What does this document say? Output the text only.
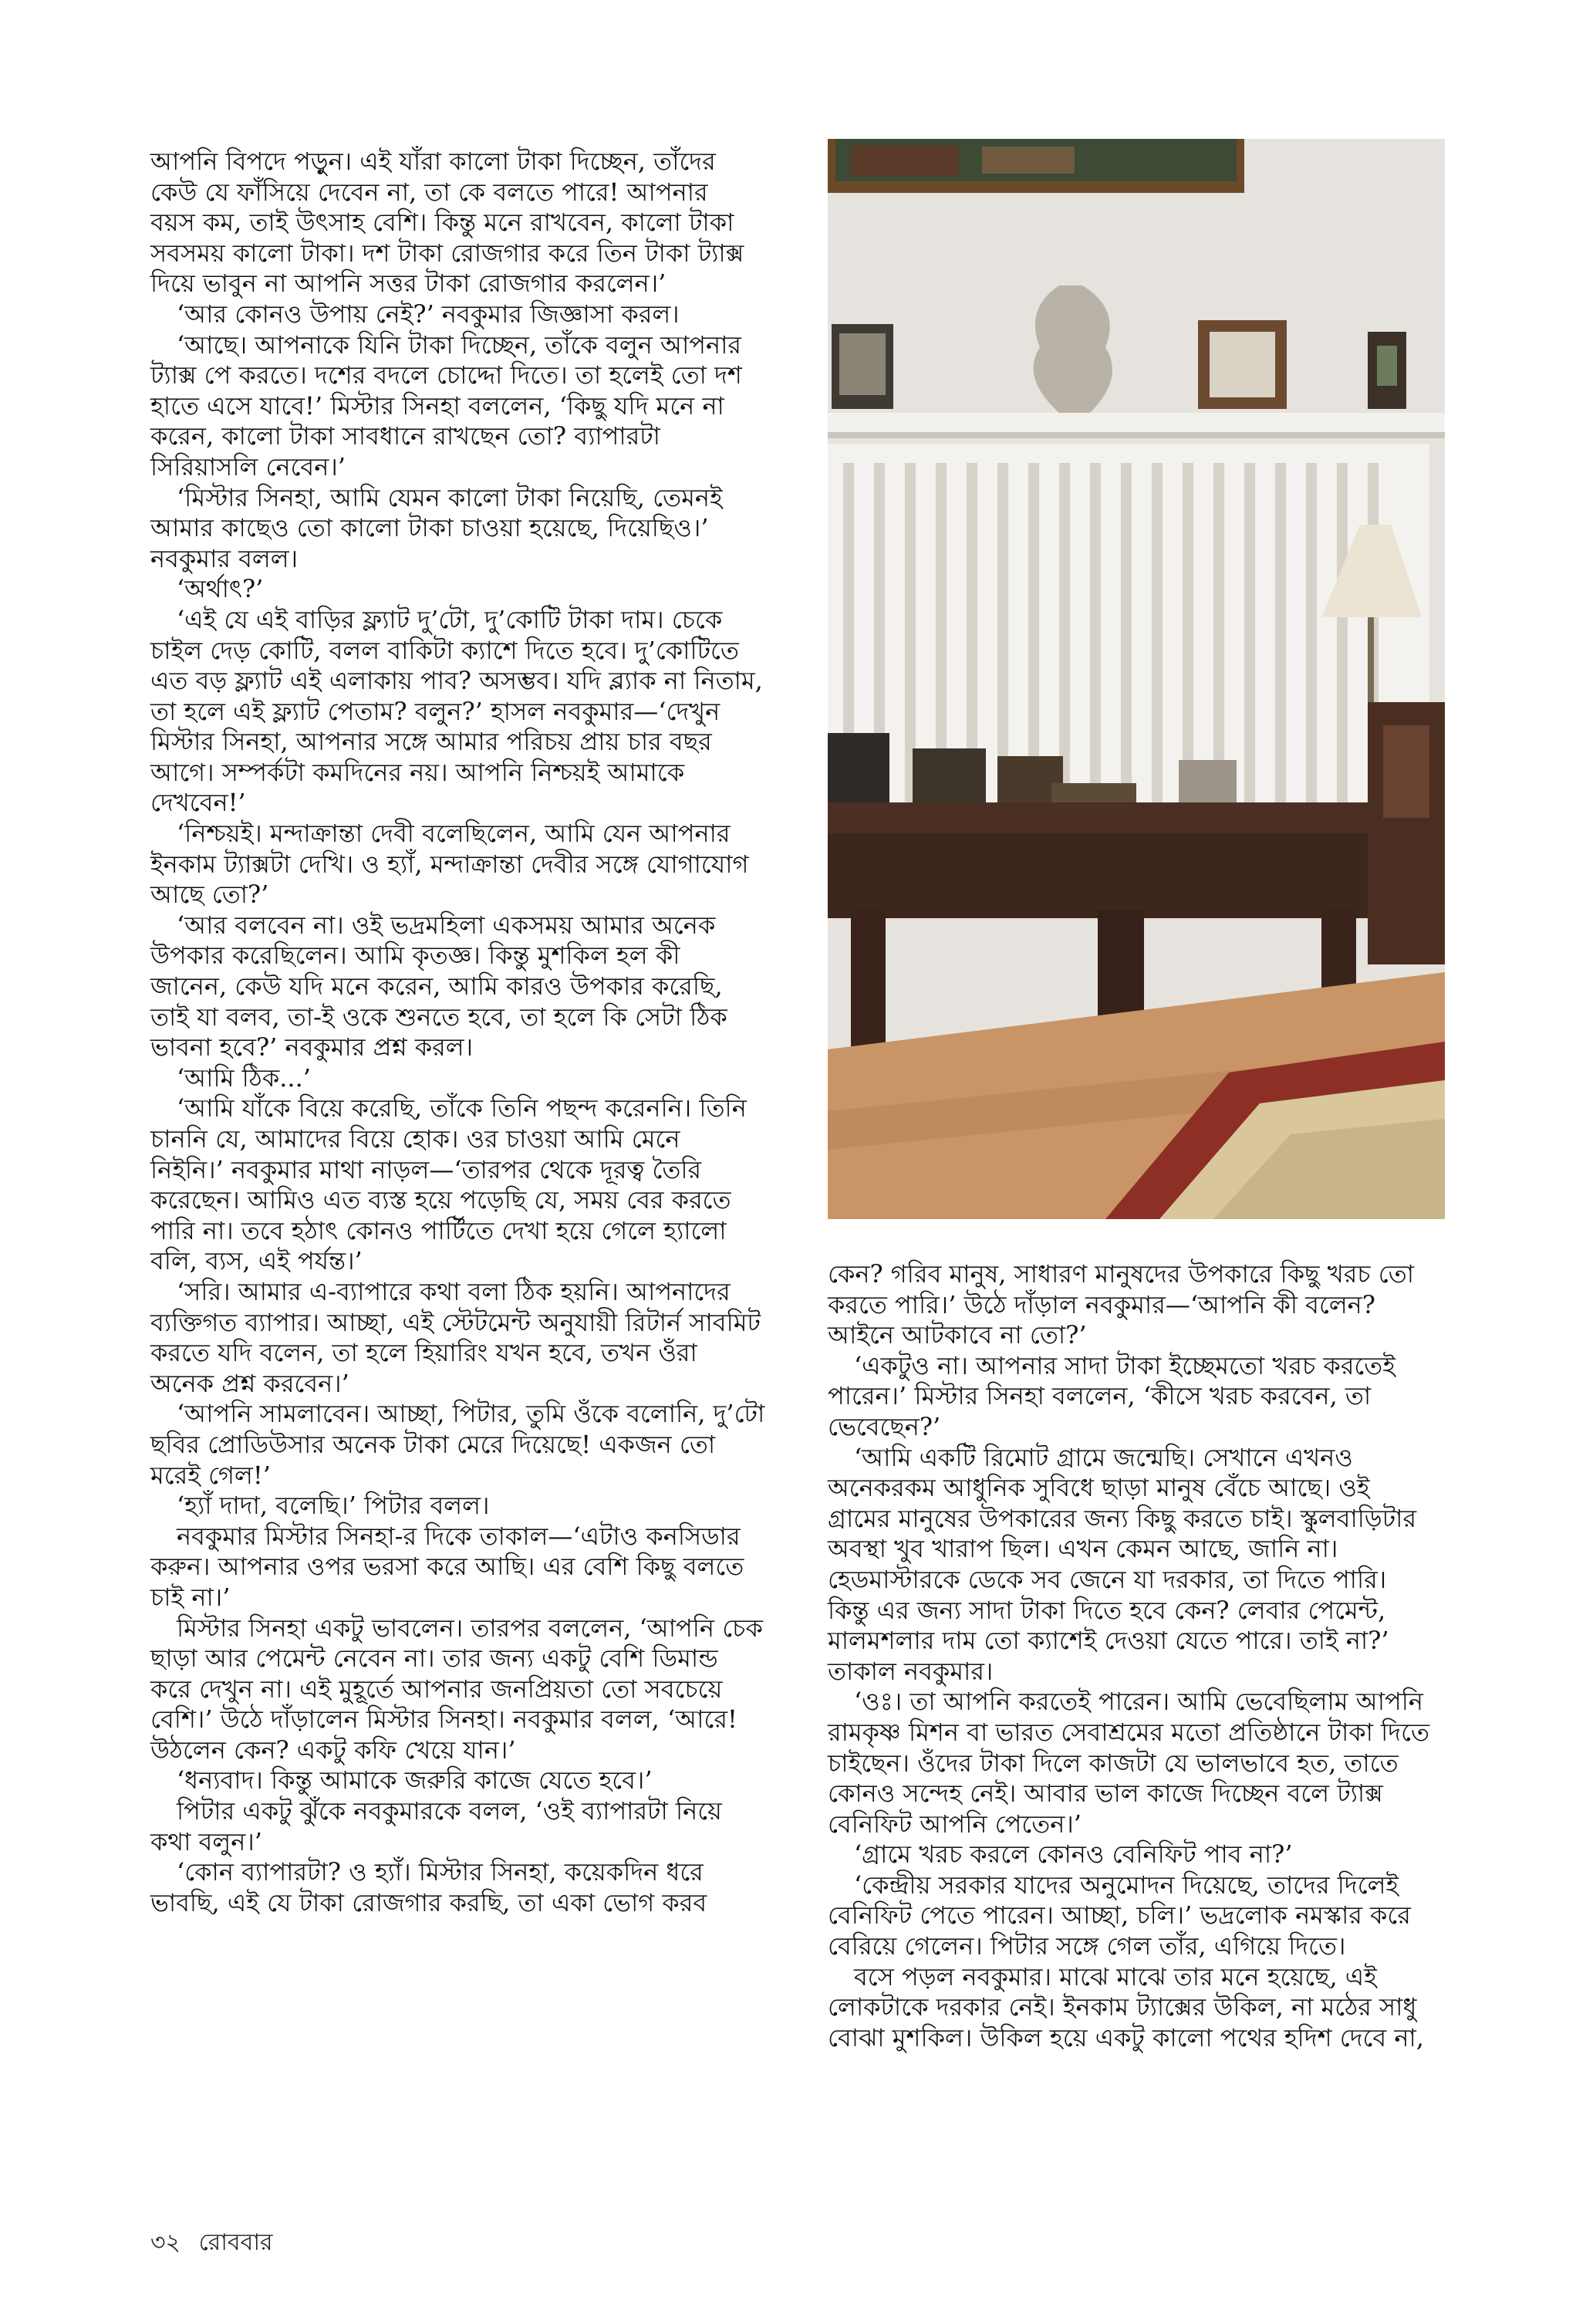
আপনি বিপদে পড়ুন। এই যাঁরা কালো টাকা দিচ্ছেন, তাঁদের
কেউ যে ফাঁসিয়ে দেবেন না, তা কে বলতে পারে! আপনার
বয়স কম, তাই উৎসাহ বেশি। কিন্তু মনে রাখবেন, কালো টাকা
সবসময় কালো টাকা। দশ টাকা রোজগার করে তিন টাকা ট্যাক্স
দিয়ে ভাবুন না আপনি সত্তর টাকা রোজগার করলেন।’
‘আর কোনও উপায় নেই?’ নবকুমার জিজ্ঞাসা করল।
‘আছে। আপনাকে যিনি টাকা দিচ্ছেন, তাঁকে বলুন আপনার
ট্যাক্স পে করতে। দশের বদলে চোদ্দো দিতে। তা হলেই তো দশ
হাতে এসে যাবে!’ মিস্টার সিনহা বললেন, ‘কিছু যদি মনে না
করেন, কালো টাকা সাবধানে রাখছেন তো? ব্যাপারটা
সিরিয়াসলি নেবেন।’
‘মিস্টার সিনহা, আমি যেমন কালো টাকা নিয়েছি, তেমনই
আমার কাছেও তো কালো টাকা চাওয়া হয়েছে, দিয়েছিও।’
নবকুমার বলল।
‘অর্থাৎ?’
‘এই যে এই বাড়ির ফ্ল্যাট দু’টো, দু’কোটি টাকা দাম। চেকে
চাইল দেড় কোটি, বলল বাকিটা ক্যাশে দিতে হবে। দু’কোটিতে
এত বড় ফ্ল্যাট এই এলাকায় পাব? অসম্ভব। যদি ব্ল্যাক না নিতাম,
তা হলে এই ফ্ল্যাট পেতাম? বলুন?’ হাসল নবকুমার—‘দেখুন
মিস্টার সিনহা, আপনার সঙ্গে আমার পরিচয় প্রায় চার বছর
আগে। সম্পর্কটা কমদিনের নয়। আপনি নিশ্চয়ই আমাকে
দেখবেন!’
‘নিশ্চয়ই। মন্দাক্রান্তা দেবী বলেছিলেন, আমি যেন আপনার
ইনকাম ট্যাক্সটা দেখি। ও হ্যাঁ, মন্দাক্রান্তা দেবীর সঙ্গে যোগাযোগ
আছে তো?’
‘আর বলবেন না। ওই ভদ্রমহিলা একসময় আমার অনেক
উপকার করেছিলেন। আমি কৃতজ্ঞ। কিন্তু মুশকিল হল কী
জানেন, কেউ যদি মনে করেন, আমি কারও উপকার করেছি,
তাই যা বলব, তা-ই ওকে শুনতে হবে, তা হলে কি সেটা ঠিক
ভাবনা হবে?’ নবকুমার প্রশ্ন করল।
‘আমি ঠিক...’
‘আমি যাঁকে বিয়ে করেছি, তাঁকে তিনি পছন্দ করেননি। তিনি
চাননি যে, আমাদের বিয়ে হোক। ওর চাওয়া আমি মেনে
নিইনি।’ নবকুমার মাথা নাড়ল—‘তারপর থেকে দূরত্ব তৈরি
করেছেন। আমিও এত ব্যস্ত হয়ে পড়েছি যে, সময় বের করতে
পারি না। তবে হঠাৎ কোনও পার্টিতে দেখা হয়ে গেলে হ্যালো
বলি, ব্যস, এই পর্যন্ত।’
‘সরি। আমার এ-ব্যাপারে কথা বলা ঠিক হয়নি। আপনাদের
ব্যক্তিগত ব্যাপার। আচ্ছা, এই স্টেটমেন্ট অনুযায়ী রিটার্ন সাবমিট
করতে যদি বলেন, তা হলে হিয়ারিং যখন হবে, তখন ওঁরা
অনেক প্রশ্ন করবেন।’
‘আপনি সামলাবেন। আচ্ছা, পিটার, তুমি ওঁকে বলোনি, দু’টো
ছবির প্রোডিউসার অনেক টাকা মেরে দিয়েছে! একজন তো
মরেই গেল!’
‘হ্যাঁ দাদা, বলেছি।’ পিটার বলল।
নবকুমার মিস্টার সিনহা-র দিকে তাকাল—‘এটাও কনসিডার
করুন। আপনার ওপর ভরসা করে আছি। এর বেশি কিছু বলতে
চাই না।’
মিস্টার সিনহা একটু ভাবলেন। তারপর বললেন, ‘আপনি চেক
ছাড়া আর পেমেন্ট নেবেন না। তার জন্য একটু বেশি ডিমান্ড
করে দেখুন না। এই মুহূর্তে আপনার জনপ্রিয়তা তো সবচেয়ে
বেশি।’ উঠে দাঁড়ালেন মিস্টার সিনহা। নবকুমার বলল, ‘আরে!
উঠলেন কেন? একটু কফি খেয়ে যান।’
‘ধন্যবাদ। কিন্তু আমাকে জরুরি কাজে যেতে হবে।’
পিটার একটু ঝুঁকে নবকুমারকে বলল, ‘ওই ব্যাপারটা নিয়ে
কথা বলুন।’
‘কোন ব্যাপারটা? ও হ্যাঁ। মিস্টার সিনহা, কয়েকদিন ধরে
ভাবছি, এই যে টাকা রোজগার করছি, তা একা ভোগ করব
কেন? গরিব মানুষ, সাধারণ মানুষদের উপকারে কিছু খরচ তো
করতে পারি।’ উঠে দাঁড়াল নবকুমার—‘আপনি কী বলেন?
আইনে আটকাবে না তো?’
‘একটুও না। আপনার সাদা টাকা ইচ্ছেমতো খরচ করতেই
পারেন।’ মিস্টার সিনহা বললেন, ‘কীসে খরচ করবেন, তা
ভেবেছেন?’
‘আমি একটি রিমোট গ্রামে জন্মেছি। সেখানে এখনও
অনেকরকম আধুনিক সুবিধে ছাড়া মানুষ বেঁচে আছে। ওই
গ্রামের মানুষের উপকারের জন্য কিছু করতে চাই। স্কুলবাড়িটার
অবস্থা খুব খারাপ ছিল। এখন কেমন আছে, জানি না।
হেডমাস্টারকে ডেকে সব জেনে যা দরকার, তা দিতে পারি।
কিন্তু এর জন্য সাদা টাকা দিতে হবে কেন? লেবার পেমেন্ট,
মালমশলার দাম তো ক্যাশেই দেওয়া যেতে পারে। তাই না?’
তাকাল নবকুমার।
‘ওঃ। তা আপনি করতেই পারেন। আমি ভেবেছিলাম আপনি
রামকৃষ্ণ মিশন বা ভারত সেবাশ্রমের মতো প্রতিষ্ঠানে টাকা দিতে
চাইছেন। ওঁদের টাকা দিলে কাজটা যে ভালভাবে হত, তাতে
কোনও সন্দেহ নেই। আবার ভাল কাজে দিচ্ছেন বলে ট্যাক্স
বেনিফিট আপনি পেতেন।’
‘গ্রামে খরচ করলে কোনও বেনিফিট পাব না?’
‘কেন্দ্রীয় সরকার যাদের অনুমোদন দিয়েছে, তাদের দিলেই
বেনিফিট পেতে পারেন। আচ্ছা, চলি।’ ভদ্রলোক নমস্কার করে
বেরিয়ে গেলেন। পিটার সঙ্গে গেল তাঁর, এগিয়ে দিতে।
বসে পড়ল নবকুমার। মাঝে মাঝে তার মনে হয়েছে, এই
লোকটাকে দরকার নেই। ইনকাম ট্যাক্সের উকিল, না মঠের সাধু
বোঝা মুশকিল। উকিল হয়ে একটু কালো পথের হদিশ দেবে না,
৩২ রোববার
